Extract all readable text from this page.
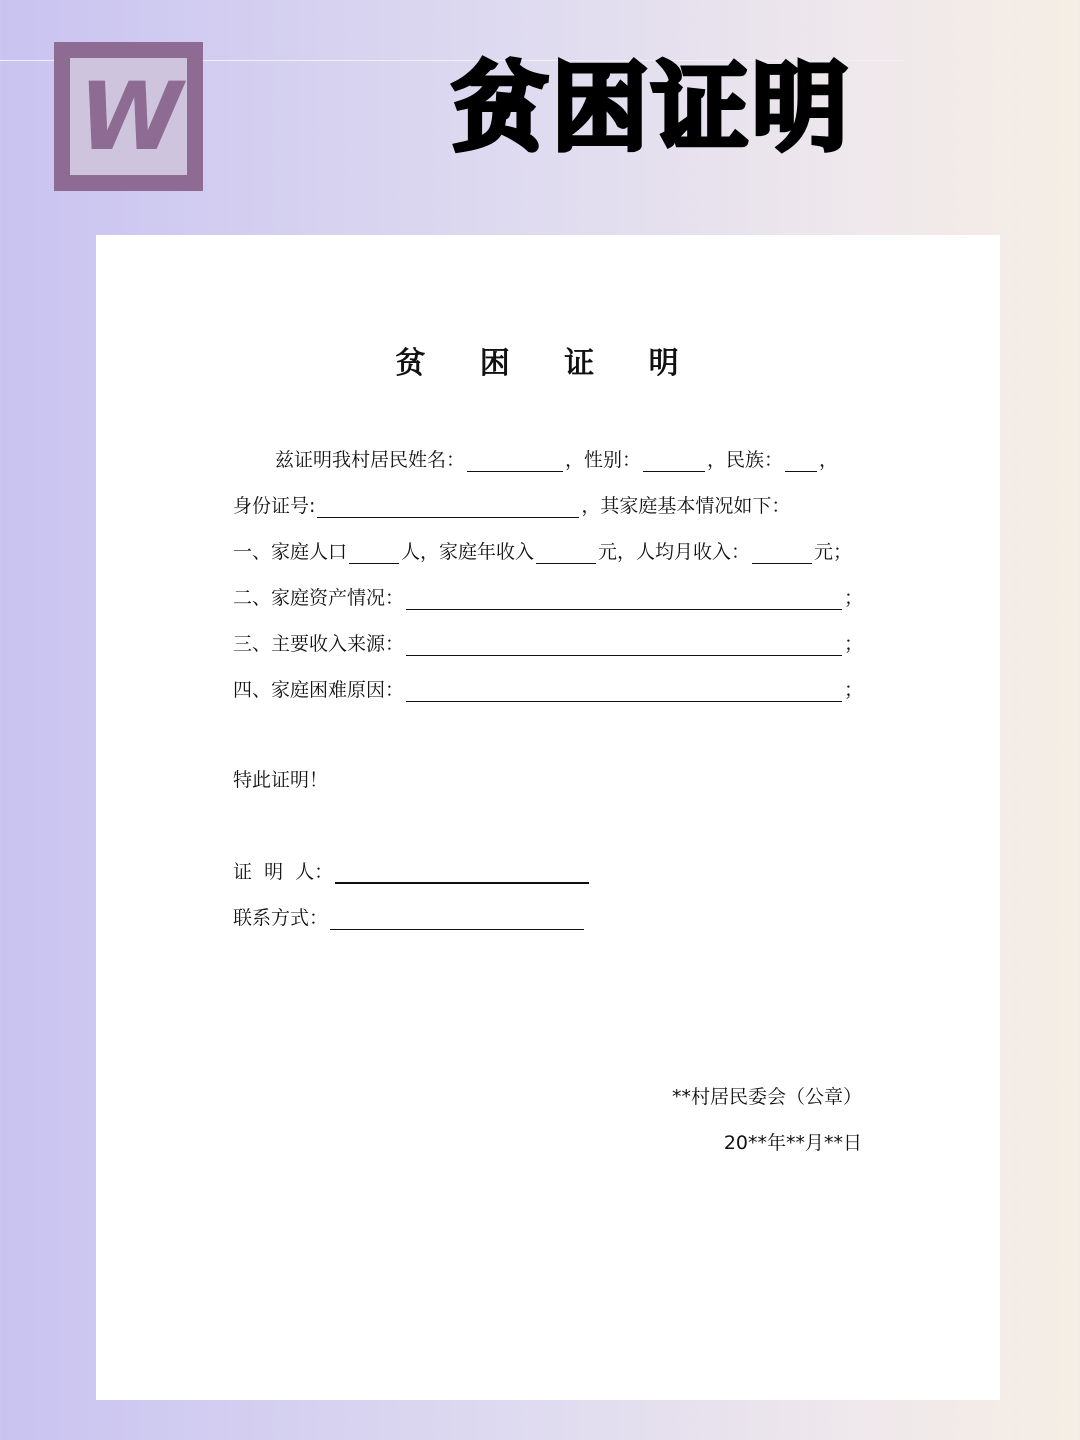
W	贫困证明
贫 困 证 明
兹证明我村居民姓名：	，性别：	，民族： ，
身份证号:	，其家庭基本情况如下：
一、家庭人口	人，家庭年收入	元，人均月收入：	元；
二、家庭资产情况：	；
三、主要收入来源：	；
四、家庭困难原因：	；
特此证明！
证  明  人：
联系方式：
**村居民委会（公章）
20**年**月**日
